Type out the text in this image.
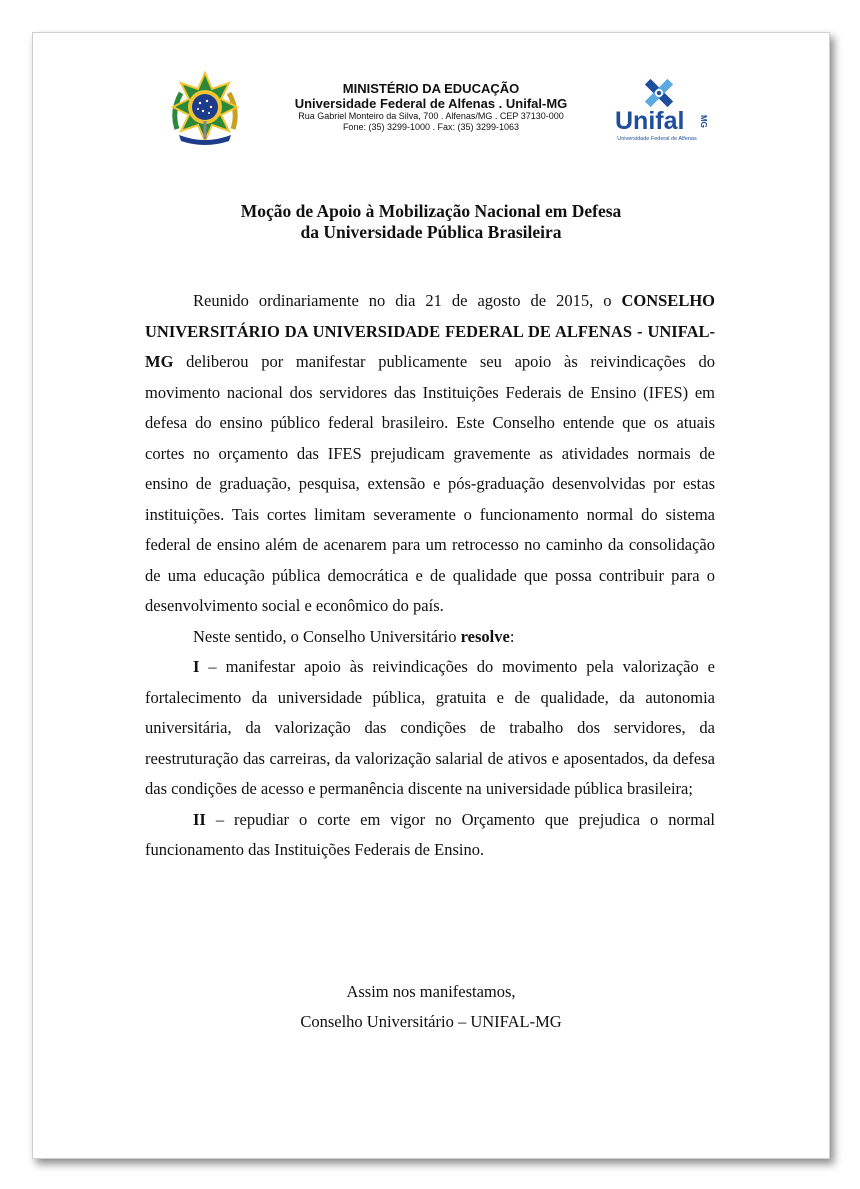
MINISTÉRIO DA EDUCAÇÃO
Universidade Federal de Alfenas . Unifal-MG
Rua Gabriel Monteiro da Silva, 700 . Alfenas/MG . CEP 37130-000
Fone: (35) 3299-1000 . Fax: (35) 3299-1063	Unifal MG
Universidade Federal de Alfenas
Moção de Apoio à Mobilização Nacional em Defesa
da Universidade Pública Brasileira

Reunido ordinariamente no dia 21 de agosto de 2015, o CONSELHO UNIVERSITÁRIO DA UNIVERSIDADE FEDERAL DE ALFENAS - UNIFAL-MG deliberou por manifestar publicamente seu apoio às reivindicações do movimento nacional dos servidores das Instituições Federais de Ensino (IFES) em defesa do ensino público federal brasileiro. Este Conselho entende que os atuais cortes no orçamento das IFES prejudicam gravemente as atividades normais de ensino de graduação, pesquisa, extensão e pós-graduação desenvolvidas por estas instituições. Tais cortes limitam severamente o funcionamento normal do sistema federal de ensino além de acenarem para um retrocesso no caminho da consolidação de uma educação pública democrática e de qualidade que possa contribuir para o desenvolvimento social e econômico do país.

Neste sentido, o Conselho Universitário resolve:

I – manifestar apoio às reivindicações do movimento pela valorização e fortalecimento da universidade pública, gratuita e de qualidade, da autonomia universitária, da valorização das condições de trabalho dos servidores, da reestruturação das carreiras, da valorização salarial de ativos e aposentados, da defesa das condições de acesso e permanência discente na universidade pública brasileira;

II – repudiar o corte em vigor no Orçamento que prejudica o normal funcionamento das Instituições Federais de Ensino.

Assim nos manifestamos,
Conselho Universitário – UNIFAL-MG
